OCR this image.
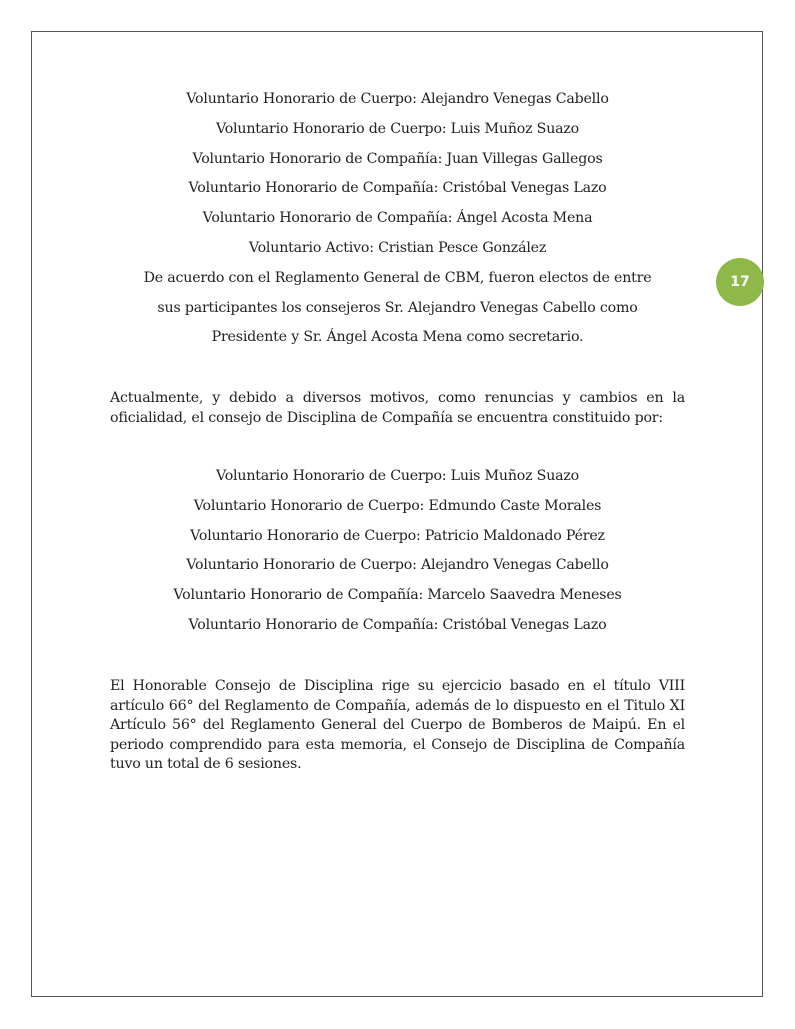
17
Voluntario Honorario de Cuerpo: Alejandro Venegas Cabello
Voluntario Honorario de Cuerpo: Luis Muñoz Suazo
Voluntario Honorario de Compañía: Juan Villegas Gallegos
Voluntario Honorario de Compañía: Cristóbal Venegas Lazo
Voluntario Honorario de Compañía: Ángel Acosta Mena
Voluntario Activo: Cristian Pesce González
De acuerdo con el Reglamento General de CBM, fueron electos de entre
sus participantes los consejeros Sr. Alejandro Venegas Cabello como
Presidente y Sr. Ángel Acosta Mena como secretario.

Actualmente, y debido a diversos motivos, como renuncias y cambios en la oficialidad, el consejo de Disciplina de Compañía se encuentra constituido por:

Voluntario Honorario de Cuerpo: Luis Muñoz Suazo
Voluntario Honorario de Cuerpo: Edmundo Caste Morales
Voluntario Honorario de Cuerpo: Patricio Maldonado Pérez
Voluntario Honorario de Cuerpo: Alejandro Venegas Cabello
Voluntario Honorario de Compañía: Marcelo Saavedra Meneses
Voluntario Honorario de Compañía: Cristóbal Venegas Lazo

El Honorable Consejo de Disciplina rige su ejercicio basado en el título VIII artículo 66° del Reglamento de Compañía, además de lo dispuesto en el Titulo XI Artículo 56° del Reglamento General del Cuerpo de Bomberos de Maipú. En el periodo comprendido para esta memoria, el Consejo de Disciplina de Compañía tuvo un total de 6 sesiones.
